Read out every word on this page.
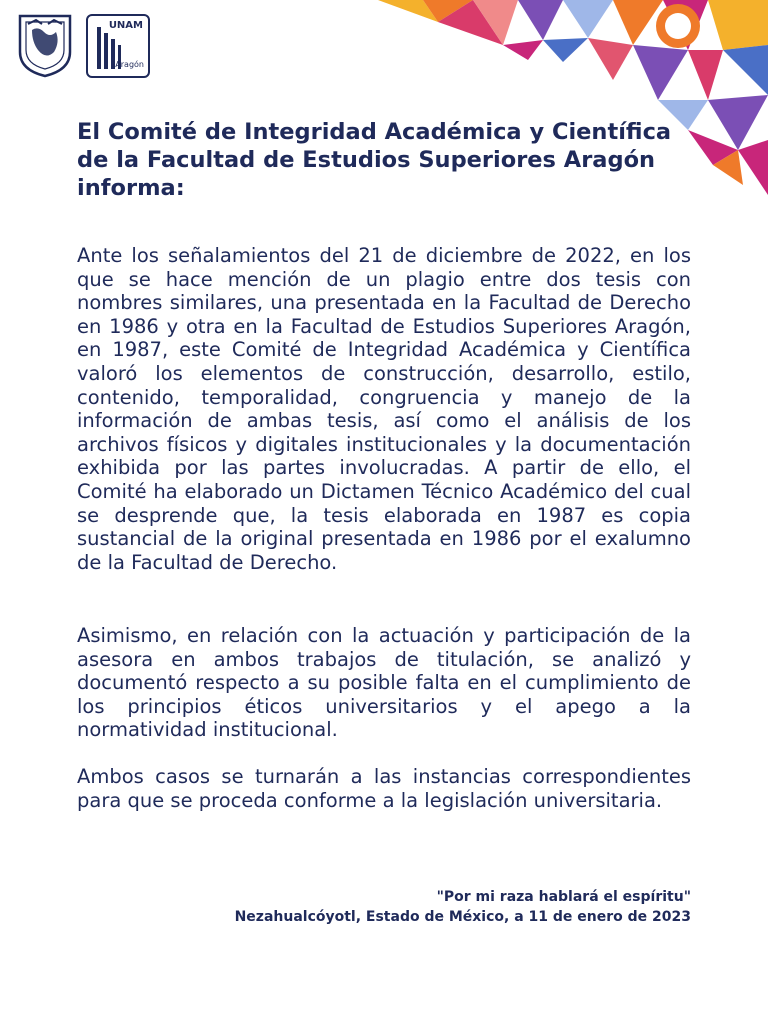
UNAM
Aragón
El Comité de Integridad Académica y Científica de la Facultad de Estudios Superiores Aragón informa:

Ante los señalamientos del 21 de diciembre de 2022, en los que se hace mención de un plagio entre dos tesis con nombres similares, una presentada en la Facultad de Derecho en 1986 y otra en la Facultad de Estudios Superiores Aragón, en 1987, este Comité de Integridad Académica y Científica valoró los elementos de construcción, desarrollo, estilo, contenido, temporalidad, congruencia y manejo de la información de ambas tesis, así como el análisis de los archivos físicos y digitales institucionales y la documentación exhibida por las partes involucradas. A partir de ello, el Comité ha elaborado un Dictamen Técnico Académico del cual se desprende que, la tesis elaborada en 1987 es copia sustancial de la original presentada en 1986 por el exalumno de la Facultad de Derecho.

Asimismo, en relación con la actuación y participación de la asesora en ambos trabajos de titulación, se analizó y documentó respecto a su posible falta en el cumplimiento de los principios éticos universitarios y el apego a la normatividad institucional.

Ambos casos se turnarán a las instancias correspondientes para que se proceda conforme a la legislación universitaria.

"Por mi raza hablará el espíritu"
Nezahualcóyotl, Estado de México, a 11 de enero de 2023
